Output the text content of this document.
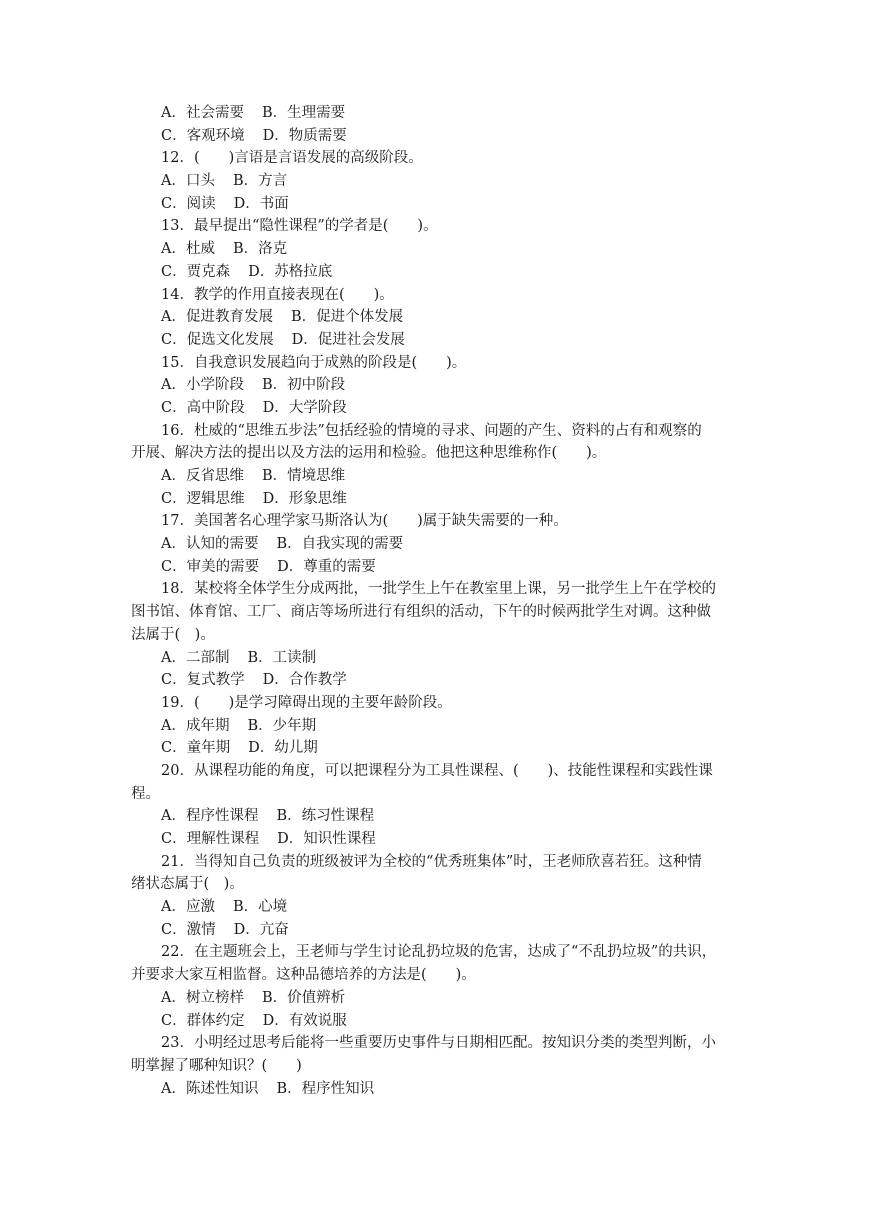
A．社会需要 B．生理需要
C．客观环境 D．物质需要
12．(　　)言语是言语发展的高级阶段。
A．口头 B．方言
C．阅读 D．书面
13．最早提出“隐性课程”的学者是(　　)。
A．杜威 B．洛克
C．贾克森 D．苏格拉底
14．教学的作用直接表现在(　　)。
A．促进教育发展 B．促进个体发展
C．促选文化发展 D．促进社会发展
15．自我意识发展趋向于成熟的阶段是(　　)。
A．小学阶段 B．初中阶段
C．高中阶段 D．大学阶段
16．杜威的“思维五步法”包括经验的情境的寻求、问题的产生、资料的占有和观察的
开展、解决方法的提出以及方法的运用和检验。他把这种思维称作(　　)。
A．反省思维 B．情境思维
C．逻辑思维 D．形象思维
17．美国著名心理学家马斯洛认为(　　)属于缺失需要的一种。
A．认知的需要 B．自我实现的需要
C．审美的需要 D．尊重的需要
18．某校将全体学生分成两批，一批学生上午在教室里上课，另一批学生上午在学校的
图书馆、体育馆、工厂、商店等场所进行有组织的活动，下午的时候两批学生对调。这种做
法属于(　)。
A．二部制 B．工读制
C．复式教学 D．合作教学
19．(　　)是学习障碍出现的主要年龄阶段。
A．成年期 B．少年期
C．童年期 D．幼儿期
20．从课程功能的角度，可以把课程分为工具性课程、(　　)、技能性课程和实践性课
程。
A．程序性课程 B．练习性课程
C．理解性课程 D．知识性课程
21．当得知自己负责的班级被评为全校的“优秀班集体”时，王老师欣喜若狂。这种情
绪状态属于(　)。
A．应激 B．心境
C．激情 D．亢奋
22．在主题班会上，王老师与学生讨论乱扔垃圾的危害，达成了“不乱扔垃圾”的共识，
并要求大家互相监督。这种品德培养的方法是(　　)。
A．树立榜样 B．价值辨析
C．群体约定 D．有效说服
23．小明经过思考后能将一些重要历史事件与日期相匹配。按知识分类的类型判断，小
明掌握了哪种知识？(　　)
A．陈述性知识 B．程序性知识
